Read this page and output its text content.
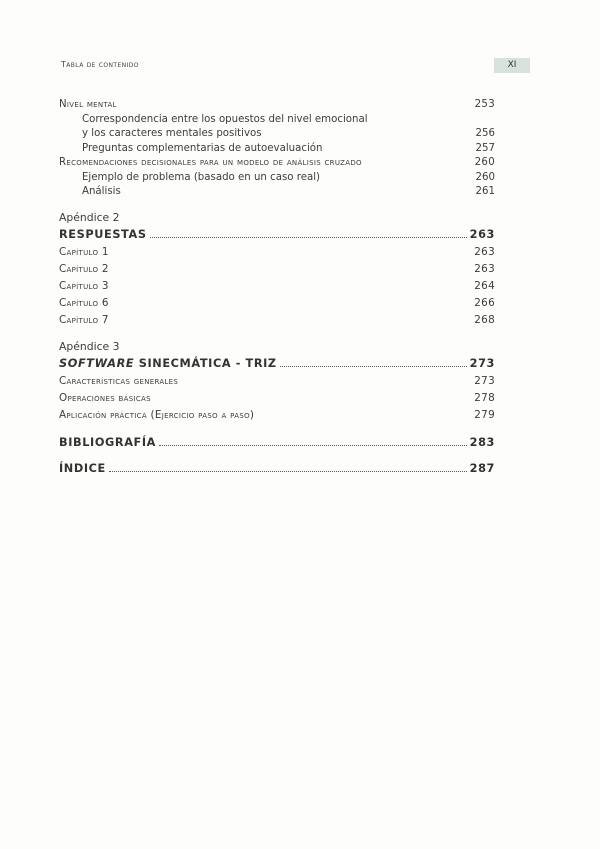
Tabla de contenido	XI
Nivel mental	253
Correspondencia entre los opuestos del nivel emocional
y los caracteres mentales positivos	256
Preguntas complementarias de autoevaluación	257
Recomendaciones decisionales para un modelo de análisis cruzado	260
Ejemplo de problema (basado en un caso real)	260
Análisis	261
Apéndice 2
RESPUESTAS	263
Capítulo 1	263
Capítulo 2	263
Capítulo 3	264
Capítulo 6	266
Capítulo 7	268
Apéndice 3
SOFTWARE SINECMÁTICA - TRIZ	273
Características generales	273
Operaciones básicas	278
Aplicación práctica (Ejercicio paso a paso)	279
BIBLIOGRAFÍA	283
ÍNDICE	287
